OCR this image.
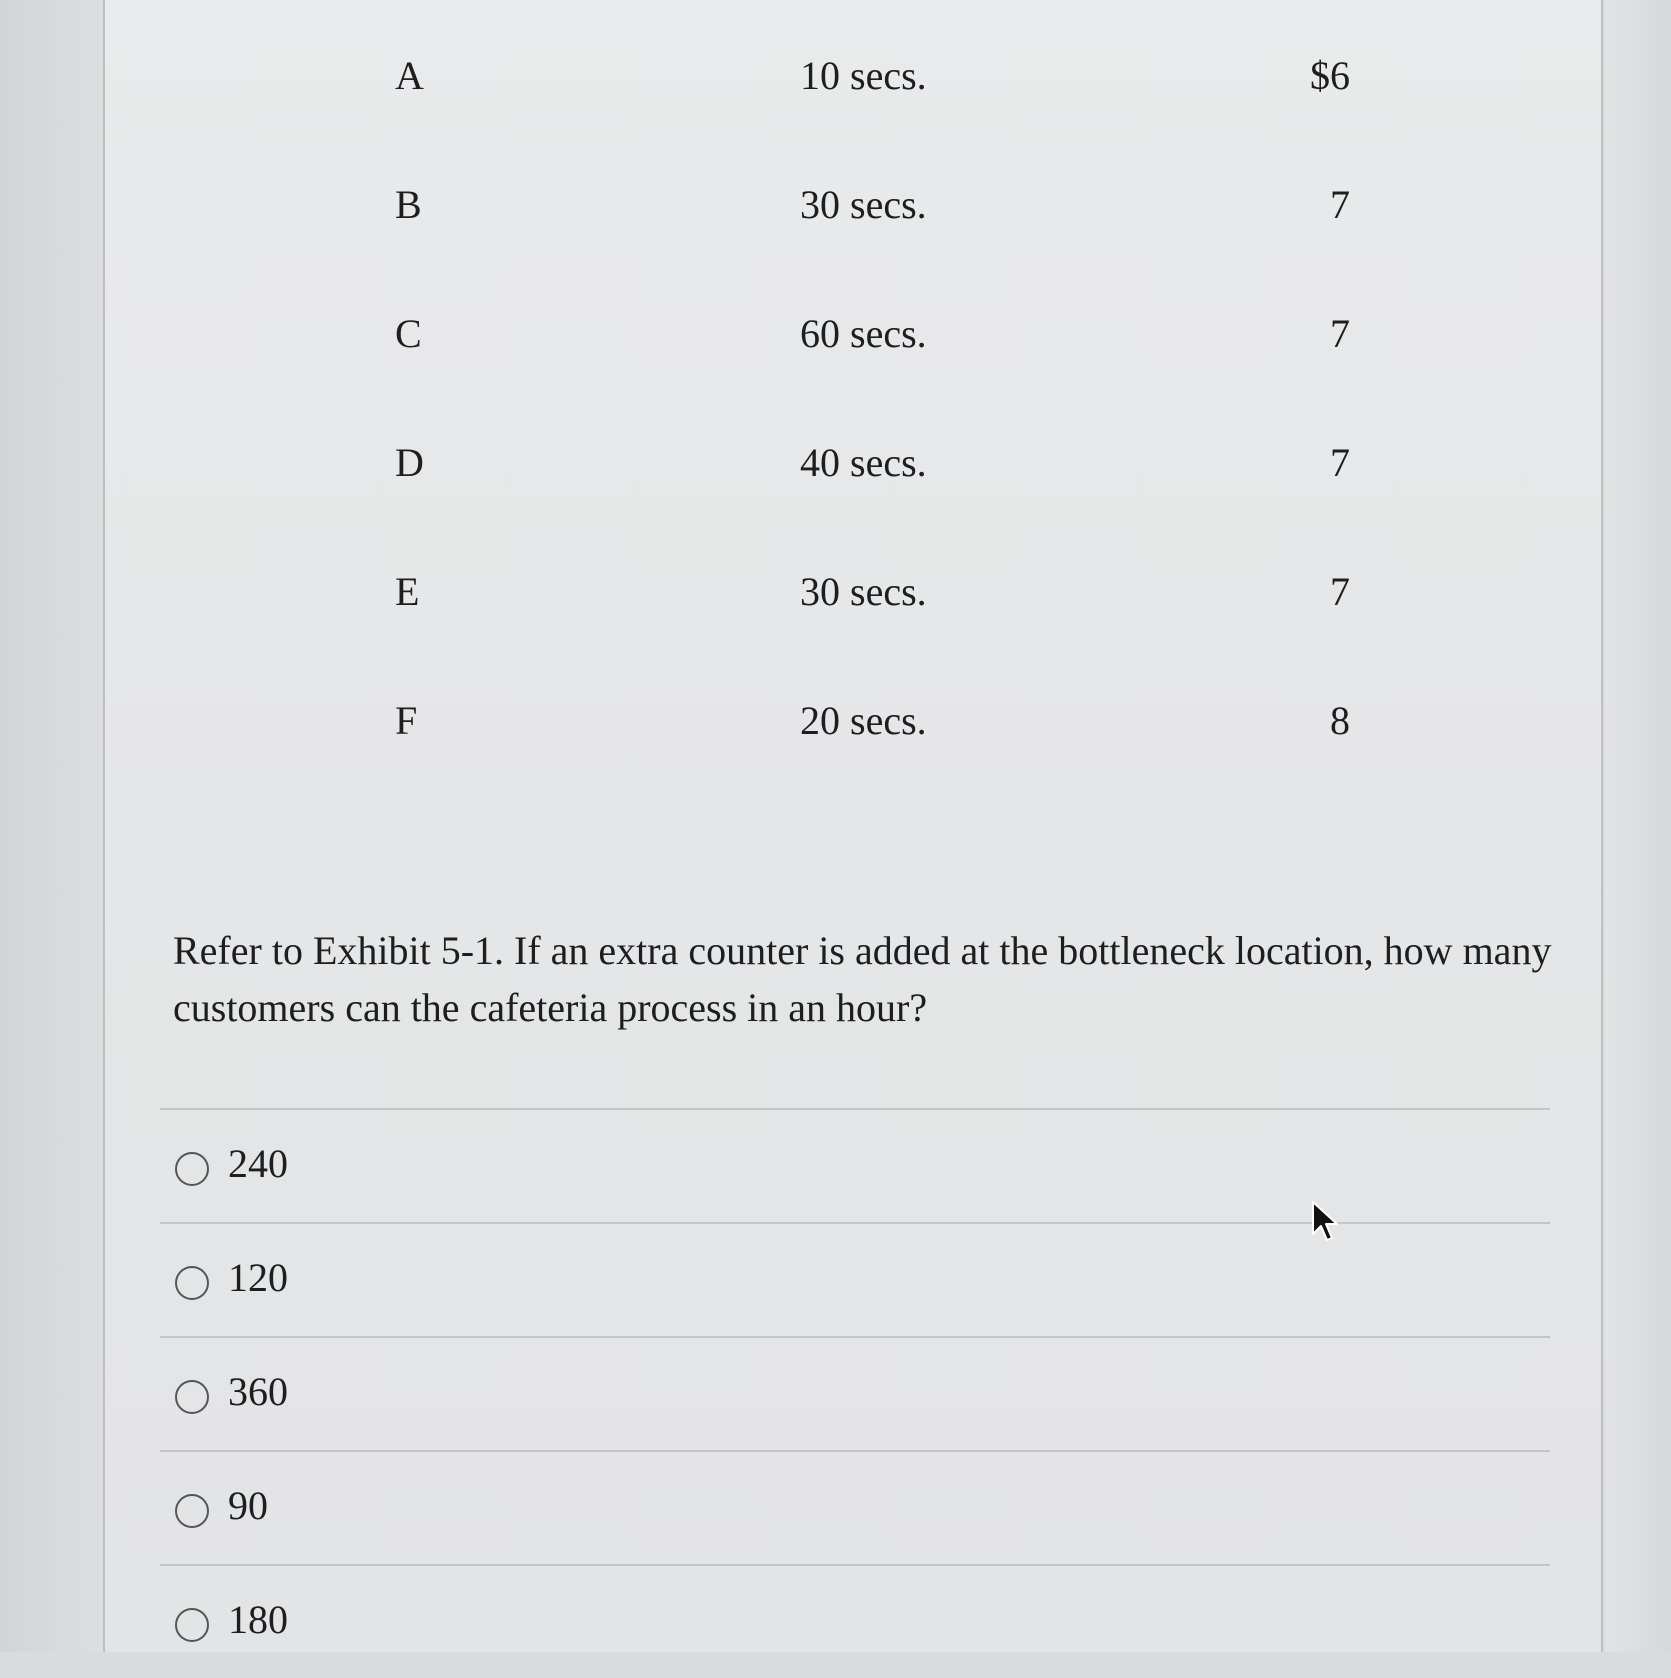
A	10 secs.	$6
B	30 secs.	7
C	60 secs.	7
D	40 secs.	7
E	30 secs.	7
F	20 secs.	8
Refer to Exhibit 5-1. If an extra counter is added at the bottleneck location, how many customers can the cafeteria process in an hour?
240
120
360
90
180
